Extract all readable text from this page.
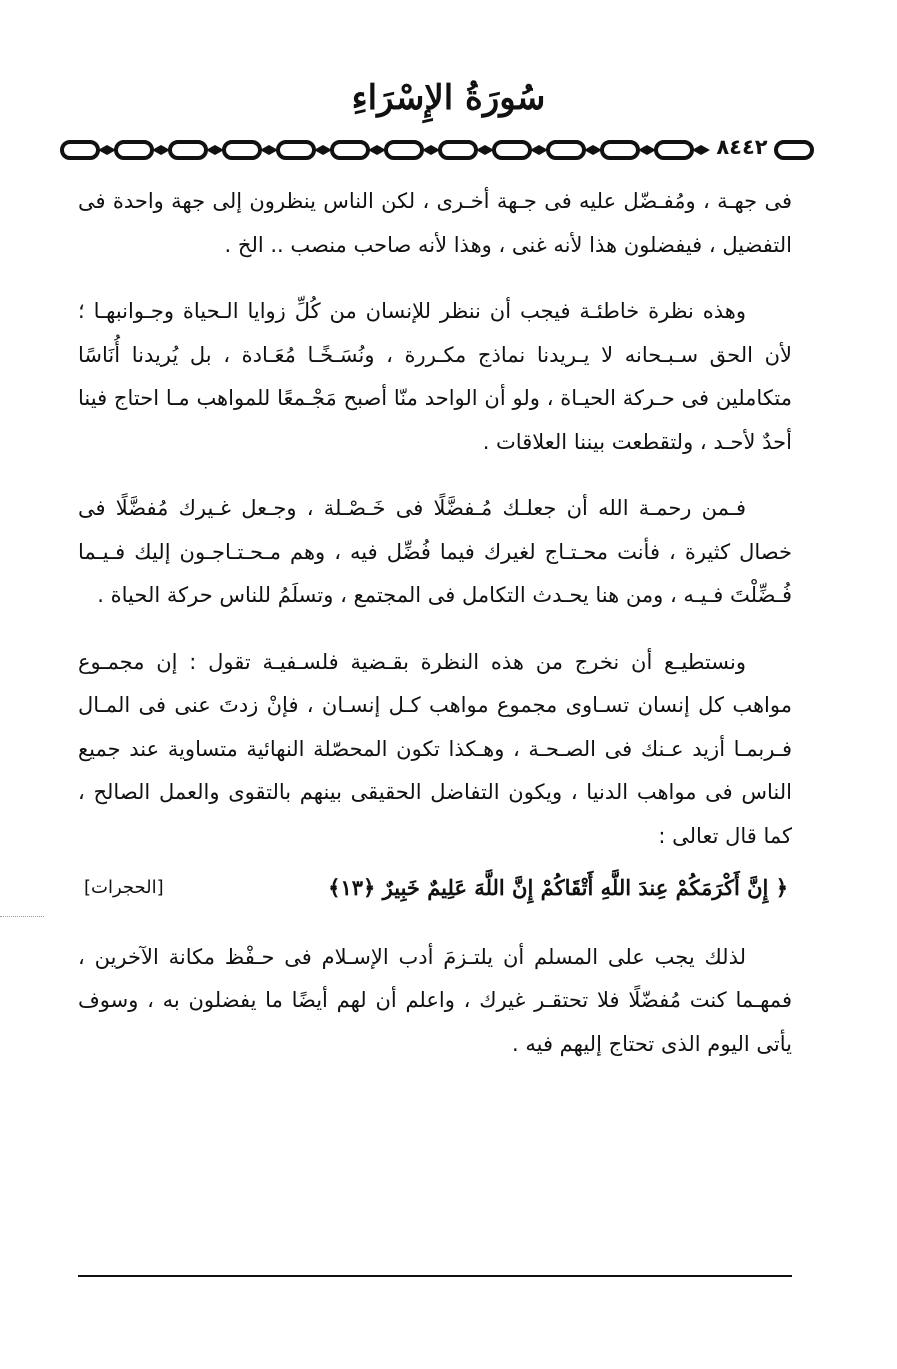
سُورَةُ الإِسْرَاءِ
٨٤٤٢

فى جهـة ، ومُفـضّل عليه فى جـهة أخـرى ، لكن الناس ينظرون إلى جهة واحدة فى التفضيل ، فيفضلون هذا لأنه غنى ، وهذا لأنه صاحب منصب .. الخ .

وهذه نظرة خاطئـة فيجب أن ننظر للإنسان من كُلِّ زوايا الـحياة وجـوانبهـا ؛ لأن الحق سـبـحانه لا يـريدنا نماذج مكـررة ، ونُسَـخًـا مُعَـادة ، بل يُريدنا أُنَاسًا متكاملين فى حـركة الحيـاة ، ولو أن الواحد منّا أصبح مَجْـمعًا للمواهب مـا احتاج فينا أحدٌ لأحـد ، ولتقطعت بيننا العلاقات .

فـمن رحمـة الله أن جعلـك مُـفضَّلًا فى خَـصْـلة ، وجـعل غـيرك مُفضَّلًا فى خصال كثيرة ، فأنت محـتـاج لغيرك فيما فُضِّل فيه ، وهم مـحـتـاجـون إليك فـيـما فُـضِّلْتَ فـيـه ، ومن هنا يحـدث التكامل فى المجتمع ، وتسلَمُ للناس حركة الحياة .

ونستطيـع أن نخرج من هذه النظرة بقـضية فلسـفيـة تقول : إن مجمـوع مواهب كل إنسان تسـاوى مجموع مواهب كـل إنسـان ، فإنْ زدتَ عنى فى المـال فـربمـا أزيد عـنك فى الصـحـة ، وهـكذا تكون المحصّلة النهائية متساوية عند جميع الناس فى مواهب الدنيا ، ويكون التفاضل الحقيقى بينهم بالتقوى والعمل الصالح ، كما قال تعالى :

﴿ إِنَّ أَكْرَمَكُمْ عِندَ اللَّهِ أَتْقَاكُمْ إِنَّ اللَّهَ عَلِيمٌ خَبِيرٌ ﴿١٣﴾
[الحجرات]

لذلك يجب على المسلم أن يلتـزمَ أدب الإسـلام فى حـفْظ مكانة الآخرين ، فمهـما كنت مُفضّلًا فلا تحتقـر غيرك ، واعلم أن لهم أيضًا ما يفضلون به ، وسوف يأتى اليوم الذى تحتاج إليهم فيه .
